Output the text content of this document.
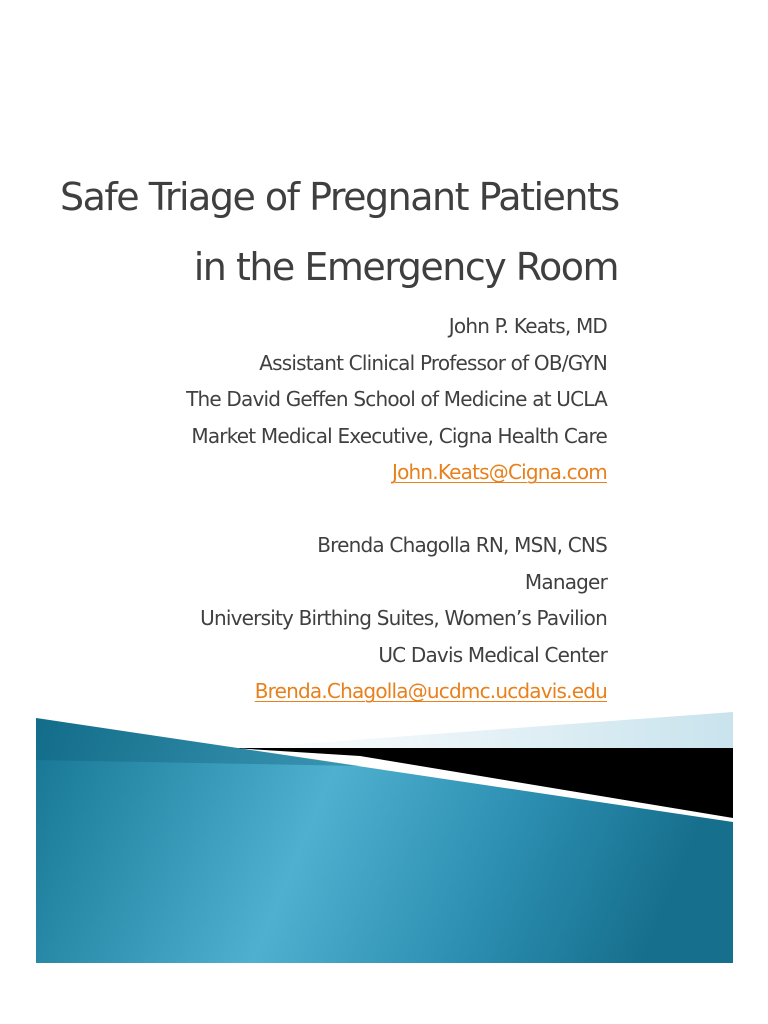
Safe Triage of Pregnant Patients
in the Emergency Room
John P. Keats, MD
Assistant Clinical Professor of OB/GYN
The David Geffen School of Medicine at UCLA
Market Medical Executive, Cigna Health Care
John.Keats@Cigna.com
Brenda Chagolla RN, MSN, CNS
Manager
University Birthing Suites, Women’s Pavilion
UC Davis Medical Center
Brenda.Chagolla@ucdmc.ucdavis.edu
